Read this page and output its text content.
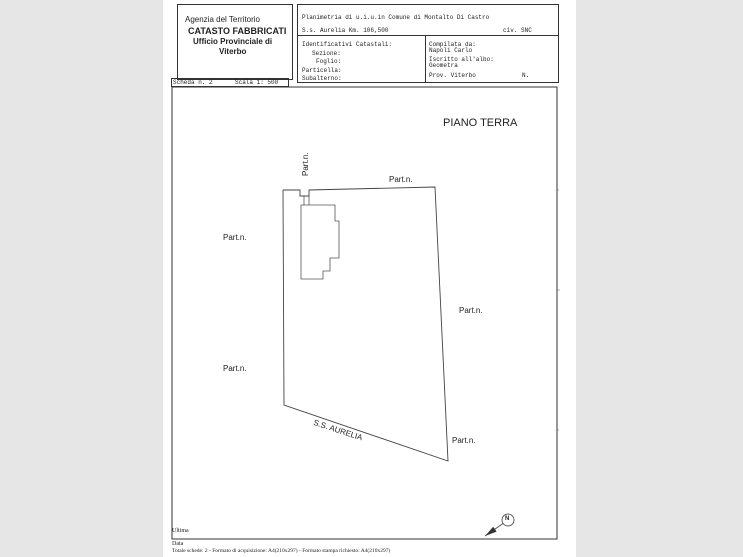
Agenzia del Territorio
CATASTO FABBRICATI
Ufficio Provinciale di
Viterbo
Planimetria di u.i.u.in Comune di Montalto Di Castro
S.s. Aurelia Km. 106,500	civ. SNC
Identificativi Catastali:
Sezione:
Foglio:
Particella:
Subalterno:
Compilata da:
Napoli Carlo
Iscritto all'albo:
Geometra
Prov. Viterbo	N.
Scheda n. 2	Scala 1: 500
PIANO TERRA
Part.n.
Part.n.
Part.n.
Part.n.
Part.n.
Part.n.
S.S. AURELIA
N
Ultima
Data
Totale schede: 2 - Formato di acquisizione: A4(210x297) - Formato stampa richiesto: A4(210x297)
